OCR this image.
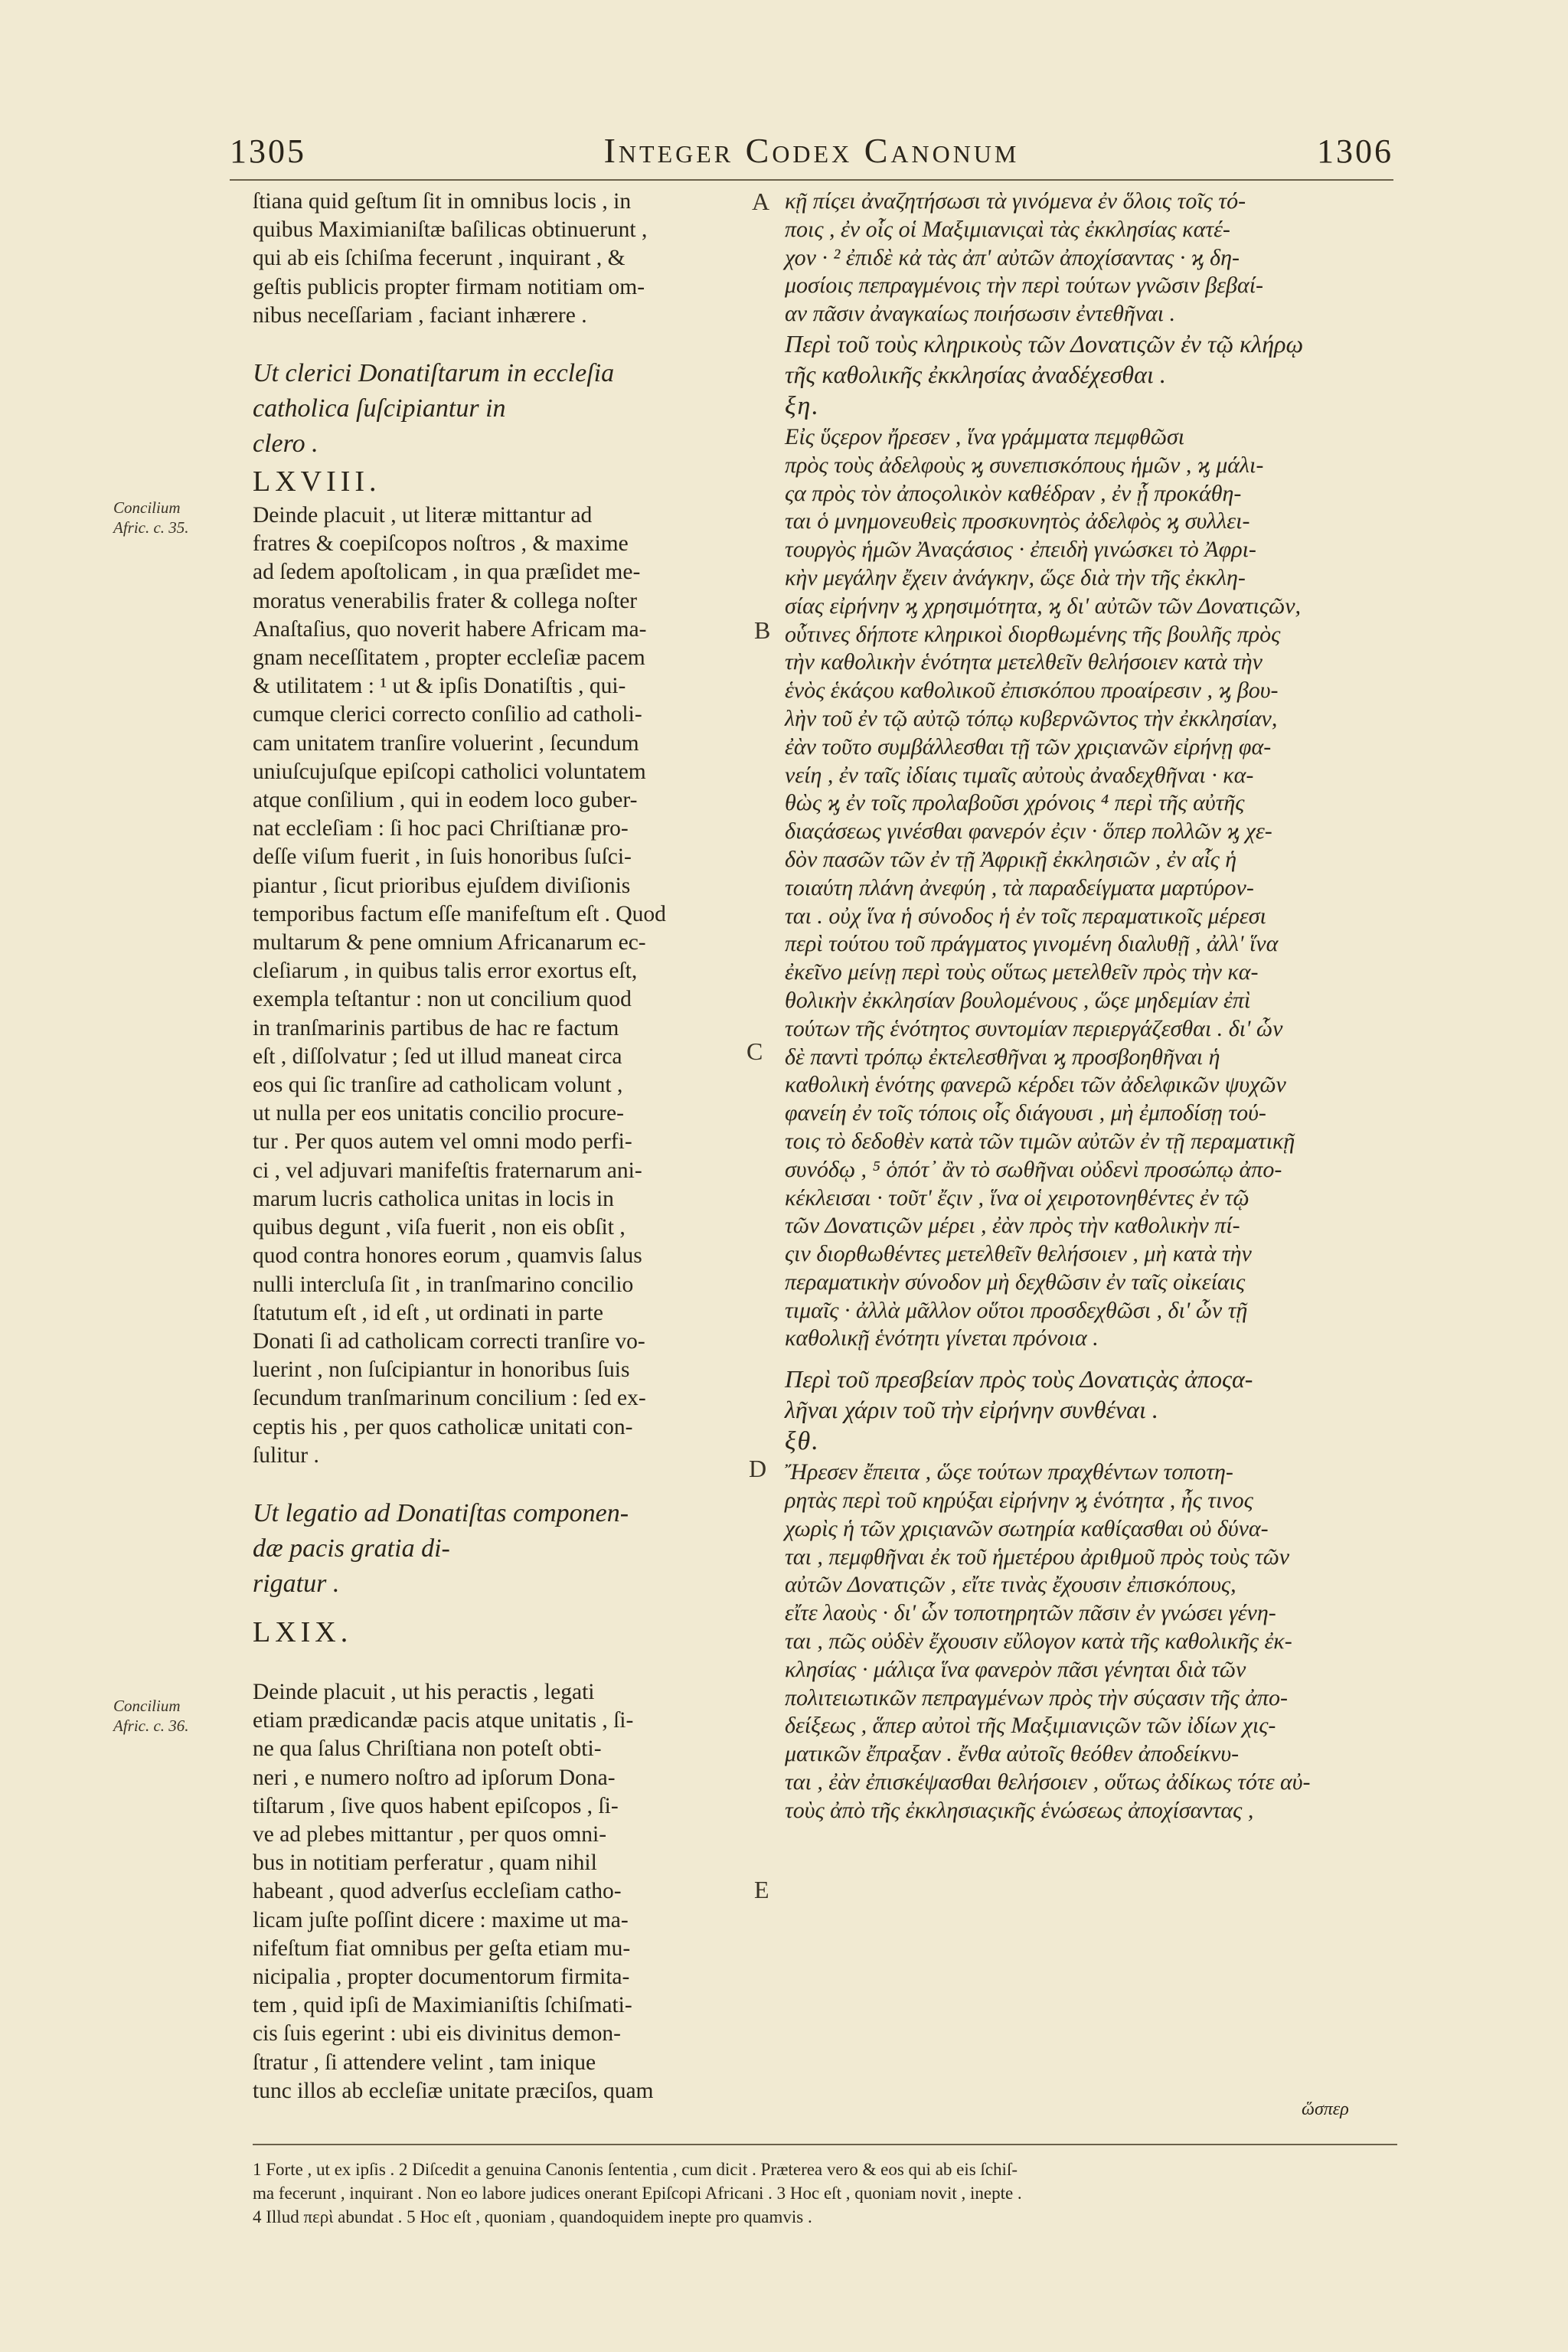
1305	Integer Codex Canonum	1306
Concilium
Afric. c. 35.
Concilium
Afric. c. 36.
A
B
C
D
E

ſtiana quid geſtum ſit in omnibus locis , in

quibus Maximianiſtæ baſilicas obtinuerunt ,

qui ab eis ſchiſma fecerunt , inquirant , &

geſtis publicis propter firmam notitiam om-

nibus neceſſariam , faciant inhærere .

Ut clerici Donatiſtarum in eccleſia

catholica ſuſcipiantur in

clero .

LXVIII.

Deinde placuit , ut literæ mittantur ad

fratres & coepiſcopos noſtros , & maxime

ad ſedem apoſtolicam , in qua præſidet me-

moratus venerabilis frater & collega noſter

Anaſtaſius, quo noverit habere Africam ma-

gnam neceſſitatem , propter eccleſiæ pacem

& utilitatem : ¹ ut & ipſis Donatiſtis , qui-

cumque clerici correcto conſilio ad catholi-

cam unitatem tranſire voluerint , ſecundum

uniuſcujuſque epiſcopi catholici voluntatem

atque conſilium , qui in eodem loco guber-

nat eccleſiam : ſi hoc paci Chriſtianæ pro-

deſſe viſum fuerit , in ſuis honoribus ſuſci-

piantur , ſicut prioribus ejuſdem diviſionis

temporibus factum eſſe manifeſtum eſt . Quod

multarum & pene omnium Africanarum ec-

cleſiarum , in quibus talis error exortus eſt,

exempla teſtantur : non ut concilium quod

in tranſmarinis partibus de hac re factum

eſt , diſſolvatur ; ſed ut illud maneat circa

eos qui ſic tranſire ad catholicam volunt ,

ut nulla per eos unitatis concilio procure-

tur . Per quos autem vel omni modo perfi-

ci , vel adjuvari manifeſtis fraternarum ani-

marum lucris catholica unitas in locis in

quibus degunt , viſa fuerit , non eis obſit ,

quod contra honores eorum , quamvis ſalus

nulli intercluſa ſit , in tranſmarino concilio

ſtatutum eſt , id eſt , ut ordinati in parte

Donati ſi ad catholicam correcti tranſire vo-

luerint , non ſuſcipiantur in honoribus ſuis

ſecundum tranſmarinum concilium : ſed ex-

ceptis his , per quos catholicæ unitati con-

ſulitur .

Ut legatio ad Donatiſtas componen-

dæ pacis gratia di-

rigatur .

LXIX.

Deinde placuit , ut his peractis , legati

etiam prædicandæ pacis atque unitatis , ſi-

ne qua ſalus Chriſtiana non poteſt obti-

neri , e numero noſtro ad ipſorum Dona-

tiſtarum , ſive quos habent epiſcopos , ſi-

ve ad plebes mittantur , per quos omni-

bus in notitiam perferatur , quam nihil

habeant , quod adverſus eccleſiam catho-

licam juſte poſſint dicere : maxime ut ma-

nifeſtum fiat omnibus per geſta etiam mu-

nicipalia , propter documentorum firmita-

tem , quid ipſi de Maximianiſtis ſchiſmati-

cis ſuis egerint : ubi eis divinitus demon-

ſtratur , ſi attendere velint , tam inique

tunc illos ab eccleſiæ unitate præciſos, quam

κῇ πίςει ἀναζητήσωσι τὰ γινόμενα ἐν ὅλοις τοῖς τό-

ποις , ἐν οἷς οἱ Μαξιμιανιςαὶ τὰς ἐκκλησίας κατέ-

χον · ² ἐπιδὲ κἀ τὰς ἀπ' αὐτῶν ἀποχίσαντας · ϗ δη-

μοσίοις πεπραγμένοις τὴν περὶ τούτων γνῶσιν βεβαί-

αν πᾶσιν ἀναγκαίως ποιήσωσιν ἐντεθῆναι .

Περὶ τοῦ τοὺς κληρικοὺς τῶν Δονατιςῶν ἐν τῷ κλήρῳ

τῆς καθολικῆς ἐκκλησίας ἀναδέχεσθαι .

ξη.

Εἰς ὕςερον ἤρεσεν , ἵνα γράμματα πεμφθῶσι

πρὸς τοὺς ἀδελφοὺς ϗ συνεπισκόπους ἡμῶν , ϗ μάλι-

ςα πρὸς τὸν ἀποςολικὸν καθέδραν , ἐν ᾗ προκάθη-

ται ὁ μνημονευθεὶς προσκυνητὸς ἀδελφὸς ϗ συλλει-

τουργὸς ἡμῶν Ἀναςάσιος · ἐπειδὴ γινώσκει τὸ Ἀφρι-

κὴν μεγάλην ἔχειν ἀνάγκην, ὥςε διὰ τὴν τῆς ἐκκλη-

σίας εἰρήνην ϗ χρησιμότητα, ϗ δι' αὐτῶν τῶν Δονατιςῶν,

οὗτινες δήποτε κληρικοὶ διορθωμένης τῆς βουλῆς πρὸς

τὴν καθολικὴν ἑνότητα μετελθεῖν θελήσοιεν κατὰ τὴν

ἑνὸς ἑκάςου καθολικοῦ ἐπισκόπου προαίρεσιν , ϗ βου-

λὴν τοῦ ἐν τῷ αὐτῷ τόπῳ κυβερνῶντος τὴν ἐκκλησίαν,

ἐὰν τοῦτο συμβάλλεσθαι τῇ τῶν χριςιανῶν εἰρήνῃ φα-

νείη , ἐν ταῖς ἰδίαις τιμαῖς αὐτοὺς ἀναδεχθῆναι · κα-

θὼς ϗ ἐν τοῖς προλαβοῦσι χρόνοις ⁴ περὶ τῆς αὐτῆς

διαςάσεως γινέσθαι φανερόν ἐςιν · ὅπερ πολλῶν ϗ χε-

δὸν πασῶν τῶν ἐν τῇ Ἀφρικῇ ἐκκλησιῶν , ἐν αἷς ἡ

τοιαύτη πλάνη ἀνεφύη , τὰ παραδείγματα μαρτύρον-

ται . οὐχ ἵνα ἡ σύνοδος ἡ ἐν τοῖς περαματικοῖς μέρεσι

περὶ τούτου τοῦ πράγματος γινομένη διαλυθῇ , ἀλλ' ἵνα

ἐκεῖνο μείνῃ περὶ τοὺς οὕτως μετελθεῖν πρὸς τὴν κα-

θολικὴν ἐκκλησίαν βουλομένους , ὥςε μηδεμίαν ἐπὶ

τούτων τῆς ἑνότητος συντομίαν περιεργάζεσθαι . δι' ὧν

δὲ παντὶ τρόπῳ ἐκτελεσθῆναι ϗ προσβοηθῆναι ἡ

καθολικὴ ἑνότης φανερῶ κέρδει τῶν ἀδελφικῶν ψυχῶν

φανείη ἐν τοῖς τόποις οἷς διάγουσι , μὴ ἐμποδίσῃ τού-

τοις τὸ δεδοθὲν κατὰ τῶν τιμῶν αὐτῶν ἐν τῇ περαματικῇ

συνόδῳ , ⁵ ὁπότ᾽ ἂν τὸ σωθῆναι οὐδενὶ προσώπῳ ἀπο-

κέκλεισαι · τοῦτ' ἔςιν , ἵνα οἱ χειροτονηθέντες ἐν τῷ

τῶν Δονατιςῶν μέρει , ἐὰν πρὸς τὴν καθολικὴν πί-

ςιν διορθωθέντες μετελθεῖν θελήσοιεν , μὴ κατὰ τὴν

περαματικὴν σύνοδον μὴ δεχθῶσιν ἐν ταῖς οἰκείαις

τιμαῖς · ἀλλὰ μᾶλλον οὕτοι προσδεχθῶσι , δι' ὧν τῇ

καθολικῇ ἑνότητι γίνεται πρόνοια .

Περὶ τοῦ πρεσβείαν πρὸς τοὺς Δονατιςὰς ἀποςα-

λῆναι χάριν τοῦ τὴν εἰρήνην συνθέναι .

ξθ.

Ἤρεσεν ἔπειτα , ὥςε τούτων πραχθέντων τοποτη-

ρητὰς περὶ τοῦ κηρύξαι εἰρήνην ϗ ἑνότητα , ἧς τινος

χωρὶς ἡ τῶν χριςιανῶν σωτηρία καθίςασθαι οὐ δύνα-

ται , πεμφθῆναι ἐκ τοῦ ἡμετέρου ἀριθμοῦ πρὸς τοὺς τῶν

αὐτῶν Δονατιςῶν , εἴτε τινὰς ἔχουσιν ἐπισκόπους,

εἴτε λαοὺς · δι' ὧν τοποτηρητῶν πᾶσιν ἐν γνώσει γένη-

ται , πῶς οὐδὲν ἔχουσιν εὔλογον κατὰ τῆς καθολικῆς ἐκ-

κλησίας · μάλιςα ἵνα φανερὸν πᾶσι γένηται διὰ τῶν

πολιτειωτικῶν πεπραγμένων πρὸς τὴν σύςασιν τῆς ἀπο-

δείξεως , ἅπερ αὐτοὶ τῆς Μαξιμιανιςῶν τῶν ἰδίων χις-

ματικῶν ἔπραξαν . ἔνθα αὐτοῖς θεόθεν ἀποδείκνυ-

ται , ἐὰν ἐπισκέψασθαι θελήσοιεν , οὕτως ἀδίκως τότε αὐ-

τοὺς ἀπὸ τῆς ἐκκλησιαςικῆς ἑνώσεως ἀποχίσαντας ,

ὥσπερ

1 Forte , ut ex ipſis . 2 Diſcedit a genuina Canonis ſententia , cum dicit . Præterea vero & eos qui ab eis ſchiſ-

ma fecerunt , inquirant . Non eo labore judices onerant Epiſcopi Africani . 3 Hoc eſt , quoniam novit , inepte .

4 Illud περὶ abundat . 5 Hoc eſt , quoniam , quandoquidem inepte pro quamvis .
